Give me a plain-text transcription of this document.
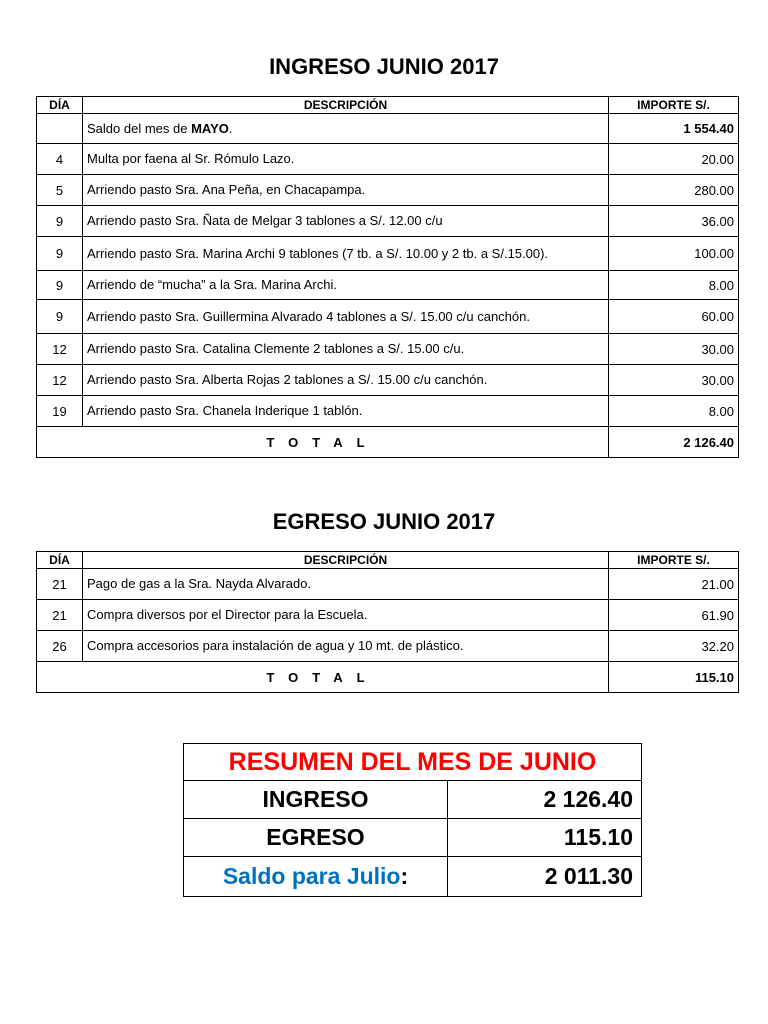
INGRESO JUNIO 2017
DÍA	DESCRIPCIÓN	IMPORTE S/.
	Saldo del mes de MAYO.	1 554.40
4	Multa por faena al Sr. Rómulo Lazo.	20.00
5	Arriendo pasto Sra. Ana Peña, en Chacapampa.	280.00
9	Arriendo pasto Sra. Ñata de Melgar 3 tablones a S/. 12.00 c/u	36.00
9	Arriendo pasto Sra. Marina Archi 9 tablones (7 tb. a S/. 10.00 y 2 tb. a S/.15.00).	100.00
9	Arriendo de “mucha” a la Sra. Marina Archi.	8.00
9	Arriendo pasto Sra. Guillermina Alvarado 4 tablones a S/. 15.00 c/u canchón.	60.00
12	Arriendo pasto Sra. Catalina Clemente 2 tablones a S/. 15.00 c/u.	30.00
12	Arriendo pasto Sra. Alberta Rojas 2 tablones a S/. 15.00 c/u canchón.	30.00
19	Arriendo pasto Sra. Chanela Inderique 1 tablón.	8.00
TOTAL		2 126.40
EGRESO JUNIO 2017
DÍA	DESCRIPCIÓN	IMPORTE S/.
21	Pago de gas a la Sra. Nayda Alvarado.	21.00
21	Compra diversos por el Director para la Escuela.	61.90
26	Compra accesorios para instalación de agua y 10 mt. de plástico.	32.20
TOTAL		115.10
RESUMEN DEL MES DE JUNIO	
INGRESO	2 126.40
EGRESO	115.10
Saldo para Julio:	2 011.30
